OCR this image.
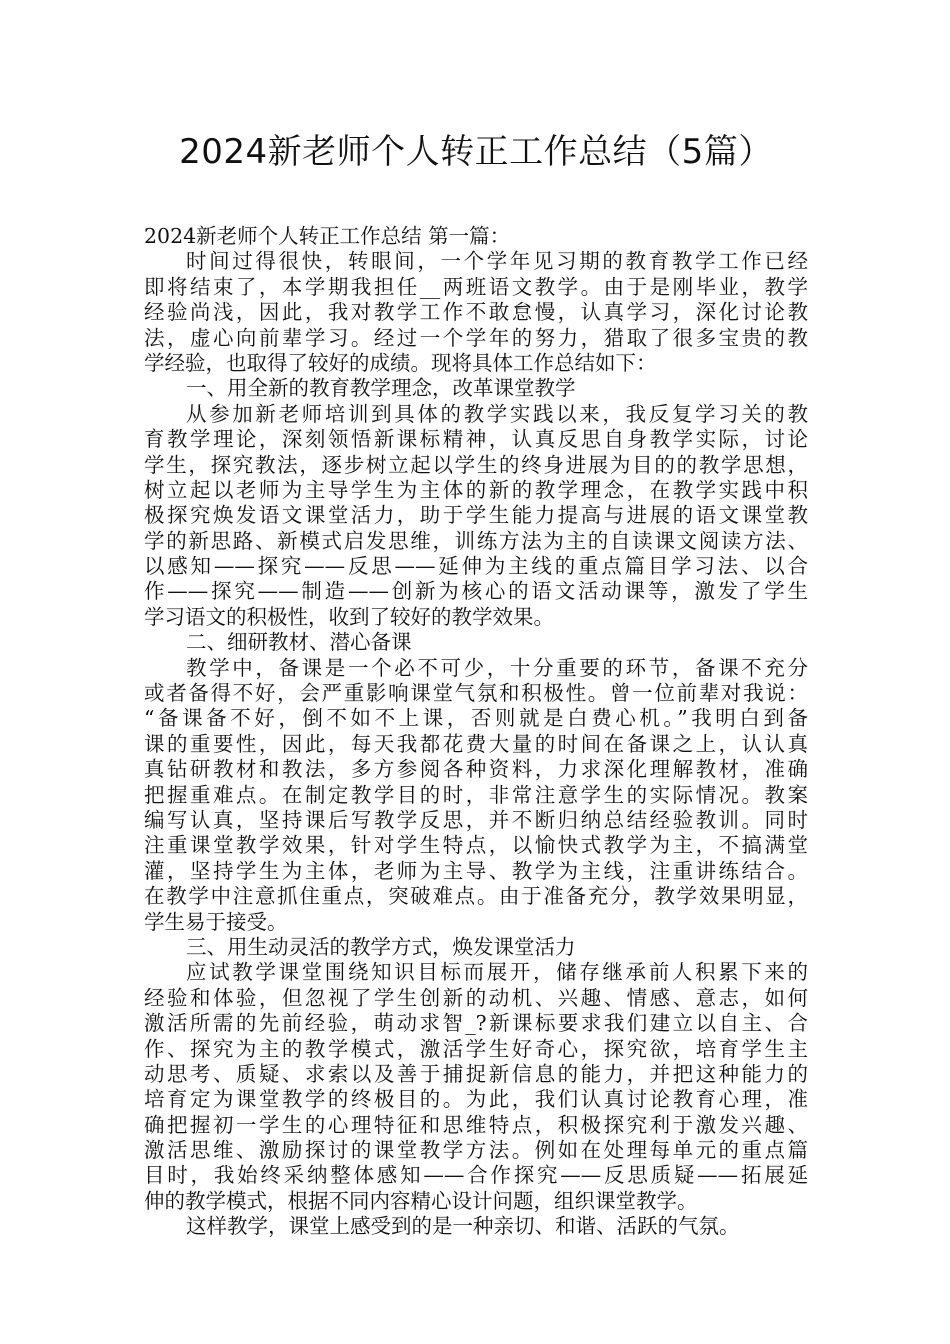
2024新老师个人转正工作总结（5篇）

2024新老师个人转正工作总结 第一篇：

时间过得很快，转眼间，一个学年见习期的教育教学工作已经

即将结束了，本学期我担任__两班语文教学。由于是刚毕业，教学

经验尚浅，因此，我对教学工作不敢怠慢，认真学习，深化讨论教

法，虚心向前辈学习。经过一个学年的努力，猎取了很多宝贵的教

学经验，也取得了较好的成绩。现将具体工作总结如下：

一、用全新的教育教学理念，改革课堂教学

从参加新老师培训到具体的教学实践以来，我反复学习关的教

育教学理论，深刻领悟新课标精神，认真反思自身教学实际，讨论

学生，探究教法，逐步树立起以学生的终身进展为目的的教学思想，

树立起以老师为主导学生为主体的新的教学理念，在教学实践中积

极探究焕发语文课堂活力，助于学生能力提高与进展的语文课堂教

学的新思路、新模式启发思维，训练方法为主的自读课文阅读方法、

以感知——探究——反思——延伸为主线的重点篇目学习法、以合

作——探究——制造——创新为核心的语文活动课等，激发了学生

学习语文的积极性，收到了较好的教学效果。

二、细研教材、潜心备课

教学中，备课是一个必不可少，十分重要的环节，备课不充分

或者备得不好，会严重影响课堂气氛和积极性。曾一位前辈对我说：

“备课备不好，倒不如不上课，否则就是白费心机。”我明白到备

课的重要性，因此，每天我都花费大量的时间在备课之上，认认真

真钻研教材和教法，多方参阅各种资料，力求深化理解教材，准确

把握重难点。在制定教学目的时，非常注意学生的实际情况。教案

编写认真，坚持课后写教学反思，并不断归纳总结经验教训。同时

注重课堂教学效果，针对学生特点，以愉快式教学为主，不搞满堂

灌，坚持学生为主体，老师为主导、教学为主线，注重讲练结合。

在教学中注意抓住重点，突破难点。由于准备充分，教学效果明显，

学生易于接受。

三、用生动灵活的教学方式，焕发课堂活力

应试教学课堂围绕知识目标而展开，储存继承前人积累下来的

经验和体验，但忽视了学生创新的动机、兴趣、情感、意志，如何

激活所需的先前经验，萌动求智_?新课标要求我们建立以自主、合

作、探究为主的教学模式，激活学生好奇心，探究欲，培育学生主

动思考、质疑、求索以及善于捕捉新信息的能力，并把这种能力的

培育定为课堂教学的终极目的。为此，我们认真讨论教育心理，准

确把握初一学生的心理特征和思维特点，积极探究利于激发兴趣、

激活思维、激励探讨的课堂教学方法。例如在处理每单元的重点篇

目时，我始终采纳整体感知——合作探究——反思质疑——拓展延

伸的教学模式，根据不同内容精心设计问题，组织课堂教学。

这样教学，课堂上感受到的是一种亲切、和谐、活跃的气氛。
